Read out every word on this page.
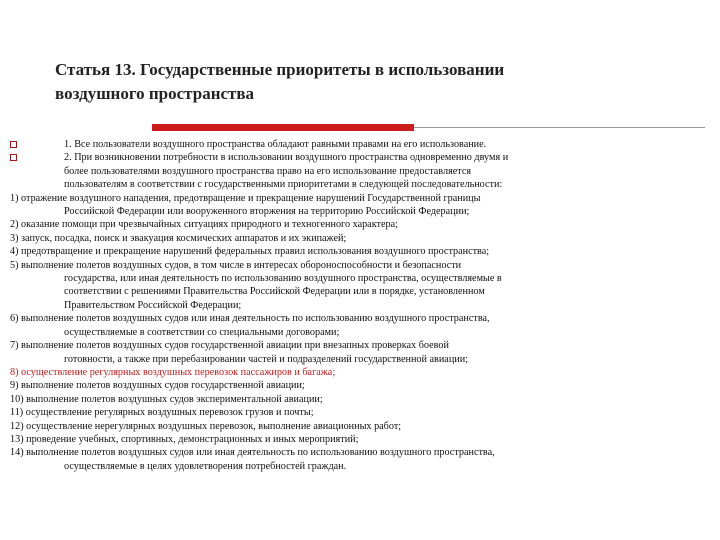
Статья 13. Государственные приоритеты в использовании
воздушного пространства
1. Все пользователи воздушного пространства обладают равными правами на его использование.
2. При возникновении потребности в использовании воздушного пространства одновременно двумя и
более пользователями воздушного пространства право на его использование предоставляется
пользователям в соответствии с государственными приоритетами в следующей последовательности:
1) отражение воздушного нападения, предотвращение и прекращение нарушений Государственной границы
Российской Федерации или вооруженного вторжения на территорию Российской Федерации;
2) оказание помощи при чрезвычайных ситуациях природного и техногенного характера;
3) запуск, посадка, поиск и эвакуация космических аппаратов и их экипажей;
4) предотвращение и прекращение нарушений федеральных правил использования воздушного пространства;
5) выполнение полетов воздушных судов, в том числе в интересах обороноспособности и безопасности
государства, или иная деятельность по использованию воздушного пространства, осуществляемые в
соответствии с решениями Правительства Российской Федерации или в порядке, установленном
Правительством Российской Федерации;
6) выполнение полетов воздушных судов или иная деятельность по использованию воздушного пространства,
осуществляемые в соответствии со специальными договорами;
7) выполнение полетов воздушных судов государственной авиации при внезапных проверках боевой
готовности, а также при перебазировании частей и подразделений государственной авиации;
8) осуществление регулярных воздушных перевозок пассажиров и багажа;
9) выполнение полетов воздушных судов государственной авиации;
10) выполнение полетов воздушных судов экспериментальной авиации;
11) осуществление регулярных воздушных перевозок грузов и почты;
12) осуществление нерегулярных воздушных перевозок, выполнение авиационных работ;
13) проведение учебных, спортивных, демонстрационных и иных мероприятий;
14) выполнение полетов воздушных судов или иная деятельность по использованию воздушного пространства,
осуществляемые в целях удовлетворения потребностей граждан.
